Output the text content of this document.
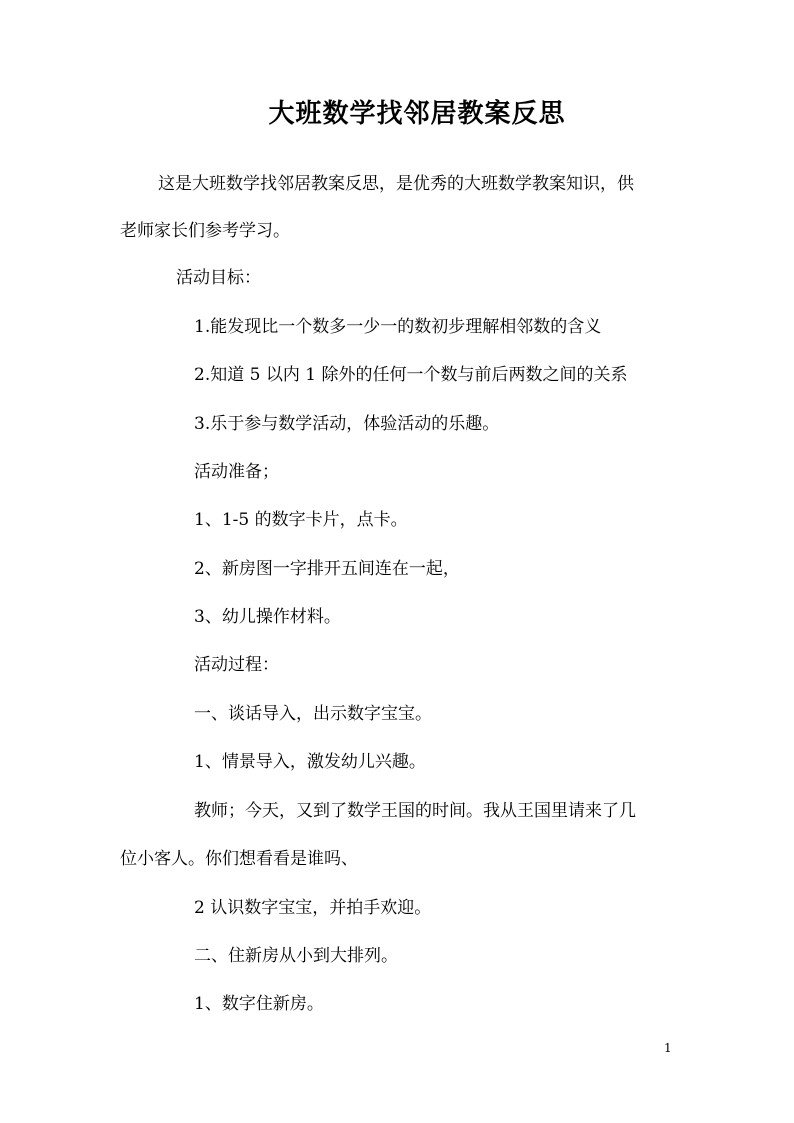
大班数学找邻居教案反思
这是大班数学找邻居教案反思，是优秀的大班数学教案知识，供
老师家长们参考学习。
活动目标：
1.能发现比一个数多一少一的数初步理解相邻数的含义
2.知道 5 以内 1 除外的任何一个数与前后两数之间的关系
3.乐于参与数学活动，体验活动的乐趣。
活动准备；
1、1-5 的数字卡片，点卡。
2、新房图一字排开五间连在一起，
3、幼儿操作材料。
活动过程：
一、谈话导入，出示数字宝宝。
1、情景导入，激发幼儿兴趣。
教师；今天，又到了数学王国的时间。我从王国里请来了几
位小客人。你们想看看是谁吗、
2 认识数字宝宝，并拍手欢迎。
二、住新房从小到大排列。
1、数字住新房。
1
